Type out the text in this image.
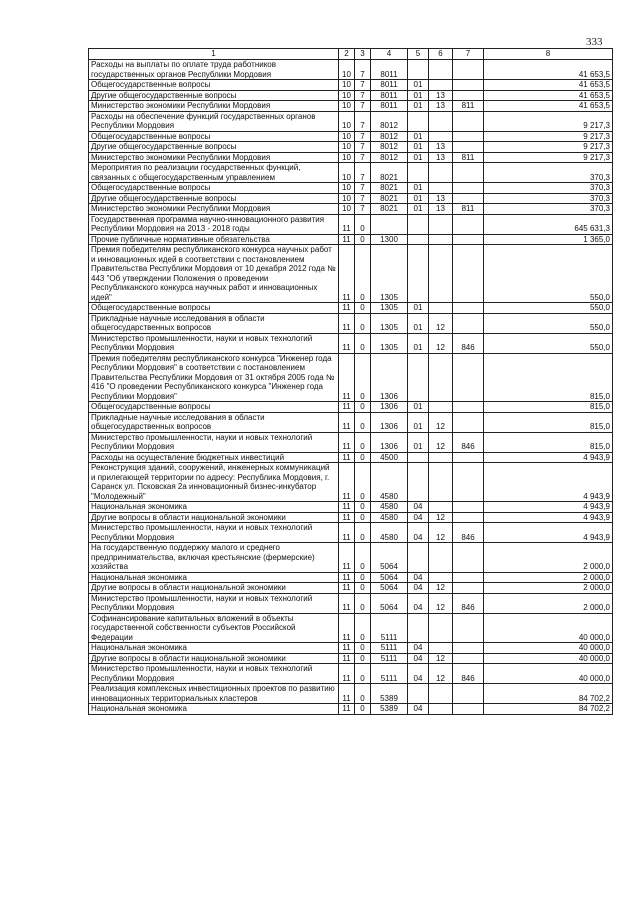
333
1	2	3	4	5	6	7	8
Расходы на выплаты по оплате труда работников государственных органов Республики Мордовия	10	7	8011				41 653,5
Общегосударственные вопросы	10	7	8011	01			41 653,5
Другие общегосударственные вопросы	10	7	8011	01	13		41 653,5
Министерство экономики Республики Мордовия	10	7	8011	01	13	811	41 653,5
Расходы на обеспечение функций государственных органов Республики Мордовия	10	7	8012				9 217,3
Общегосударственные вопросы	10	7	8012	01			9 217,3
Другие общегосударственные вопросы	10	7	8012	01	13		9 217,3
Министерство экономики Республики Мордовия	10	7	8012	01	13	811	9 217,3
Мероприятия по реализации государственных функций, связанных с общегосударственным управлением	10	7	8021				370,3
Общегосударственные вопросы	10	7	8021	01			370,3
Другие общегосударственные вопросы	10	7	8021	01	13		370,3
Министерство экономики Республики Мордовия	10	7	8021	01	13	811	370,3
Государственная программа научно-инновационного развития Республики Мордовия на 2013 - 2018 годы	11	0					645 631,3
Прочие публичные нормативные обязательства	11	0	1300				1 365,0
Премия победителям республиканского конкурса научных работ и инновационных идей в соответствии с постановлением Правительства Республики Мордовия от 10 декабря 2012 года № 443 "Об утверждении Положения о проведении Республиканского конкурса научных работ и инновационных идей"	11	0	1305				550,0
Общегосударственные вопросы	11	0	1305	01			550,0
Прикладные научные исследования в области общегосударственных вопросов	11	0	1305	01	12		550,0
Министерство промышленности, науки и новых технологий Республики Мордовия	11	0	1305	01	12	846	550,0
Премия победителям республиканского конкурса "Инженер года Республики Мордовия" в соответствии с постановлением Правительства Республики Мордовия от 31 октября 2005 года № 416 "О проведении Республиканского конкурса "Инженер года Республики Мордовия"	11	0	1306				815,0
Общегосударственные вопросы	11	0	1306	01			815,0
Прикладные научные исследования в области общегосударственных вопросов	11	0	1306	01	12		815,0
Министерство промышленности, науки и новых технологий Республики Мордовия	11	0	1306	01	12	846	815,0
Расходы на осуществление бюджетных инвестиций	11	0	4500				4 943,9
Реконструкция зданий, сооружений, инженерных коммуникаций и прилегающей территории по адресу: Республика Мордовия, г. Саранск ул. Псковская 2а инновационный бизнес-инкубатор "Молодежный"	11	0	4580				4 943,9
Национальная экономика	11	0	4580	04			4 943,9
Другие вопросы в области национальной экономики	11	0	4580	04	12		4 943,9
Министерство промышленности, науки и новых технологий Республики Мордовия	11	0	4580	04	12	846	4 943,9
На государственную поддержку малого и среднего предпринимательства, включая крестьянские (фермерские) хозяйства	11	0	5064				2 000,0
Национальная экономика	11	0	5064	04			2 000,0
Другие вопросы в области национальной экономики	11	0	5064	04	12		2 000,0
Министерство промышленности, науки и новых технологий Республики Мордовия	11	0	5064	04	12	846	2 000,0
Софинансирование капитальных вложений в объекты государственной собственности субъектов Российской Федерации	11	0	5111				40 000,0
Национальная экономика	11	0	5111	04			40 000,0
Другие вопросы в области национальной экономики	11	0	5111	04	12		40 000,0
Министерство промышленности, науки и новых технологий Республики Мордовия	11	0	5111	04	12	846	40 000,0
Реализация комплексных инвестиционных проектов по развитию инновационных территориальных кластеров	11	0	5389				84 702,2
Национальная экономика	11	0	5389	04			84 702,2
